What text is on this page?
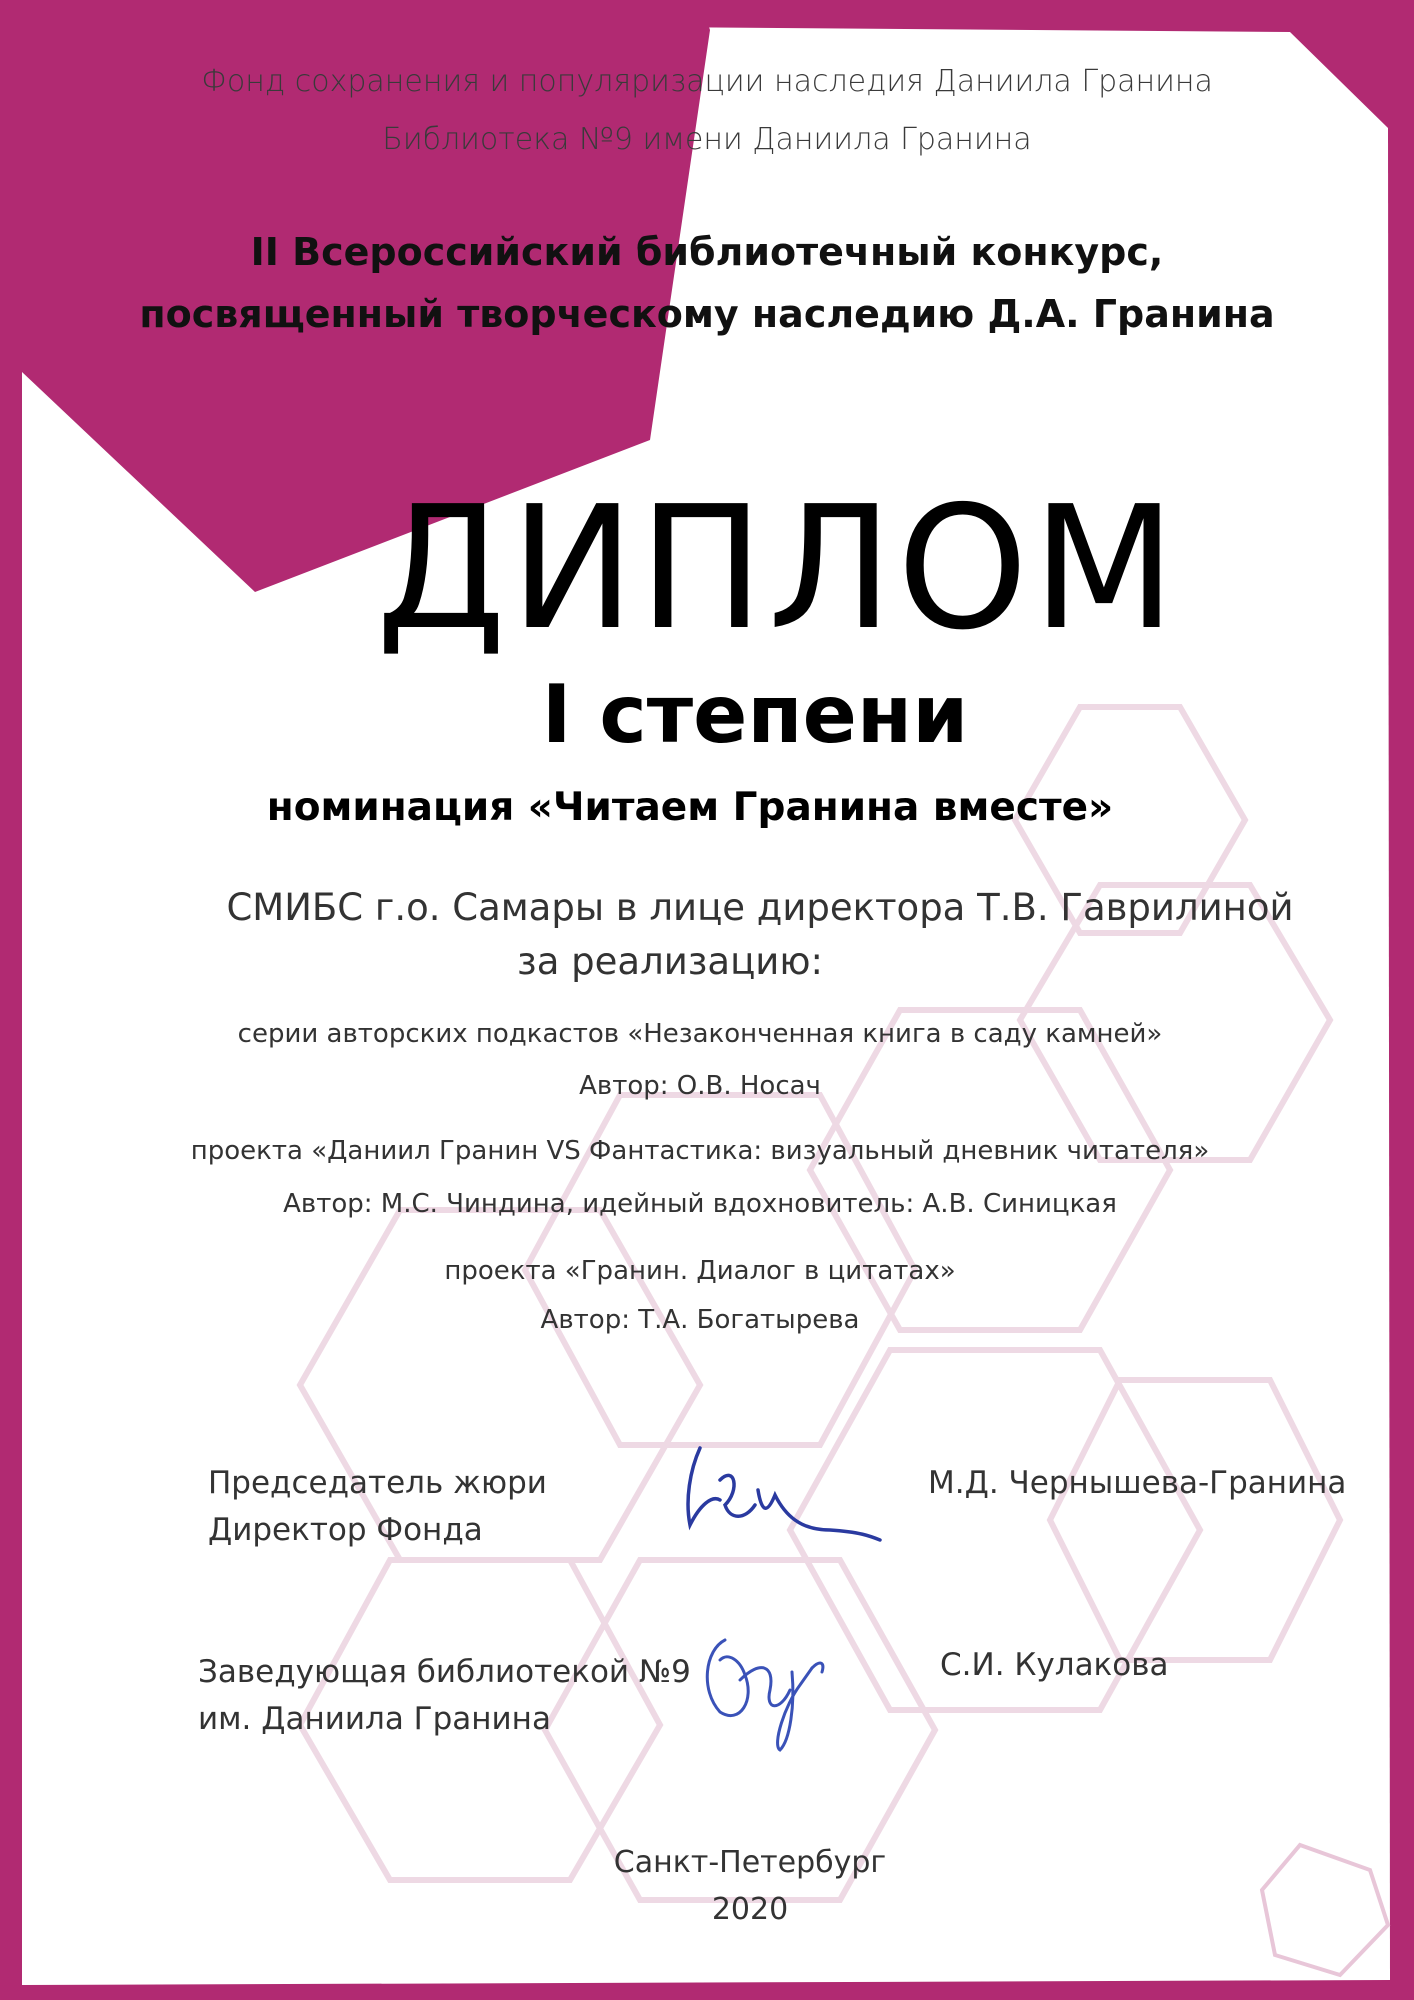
Фонд сохранения и популяризации наследия Даниила Гранина
Библиотека №9 имени Даниила Гранина
II Всероссийский библиотечный конкурс,
посвященный творческому наследию Д.А. Гранина
ДИПЛОМ
I степени
номинация «Читаем Гранина вместе»
СМИБС г.о. Самары в лице директора Т.В. Гаврилиной
за реализацию:
серии авторских подкастов «Незаконченная книга в саду камней»
Автор: О.В. Носач
проекта «Даниил Гранин VS Фантастика: визуальный дневник читателя»
Автор: М.С. Чиндина, идейный вдохновитель: А.В. Синицкая
проекта «Гранин. Диалог в цитатах»
Автор: Т.А. Богатырева
Председатель жюри
Директор Фонда
М.Д. Чернышева-Гранина
Заведующая библиотекой №9
им. Даниила Гранина
С.И. Кулакова
Санкт-Петербург
2020
